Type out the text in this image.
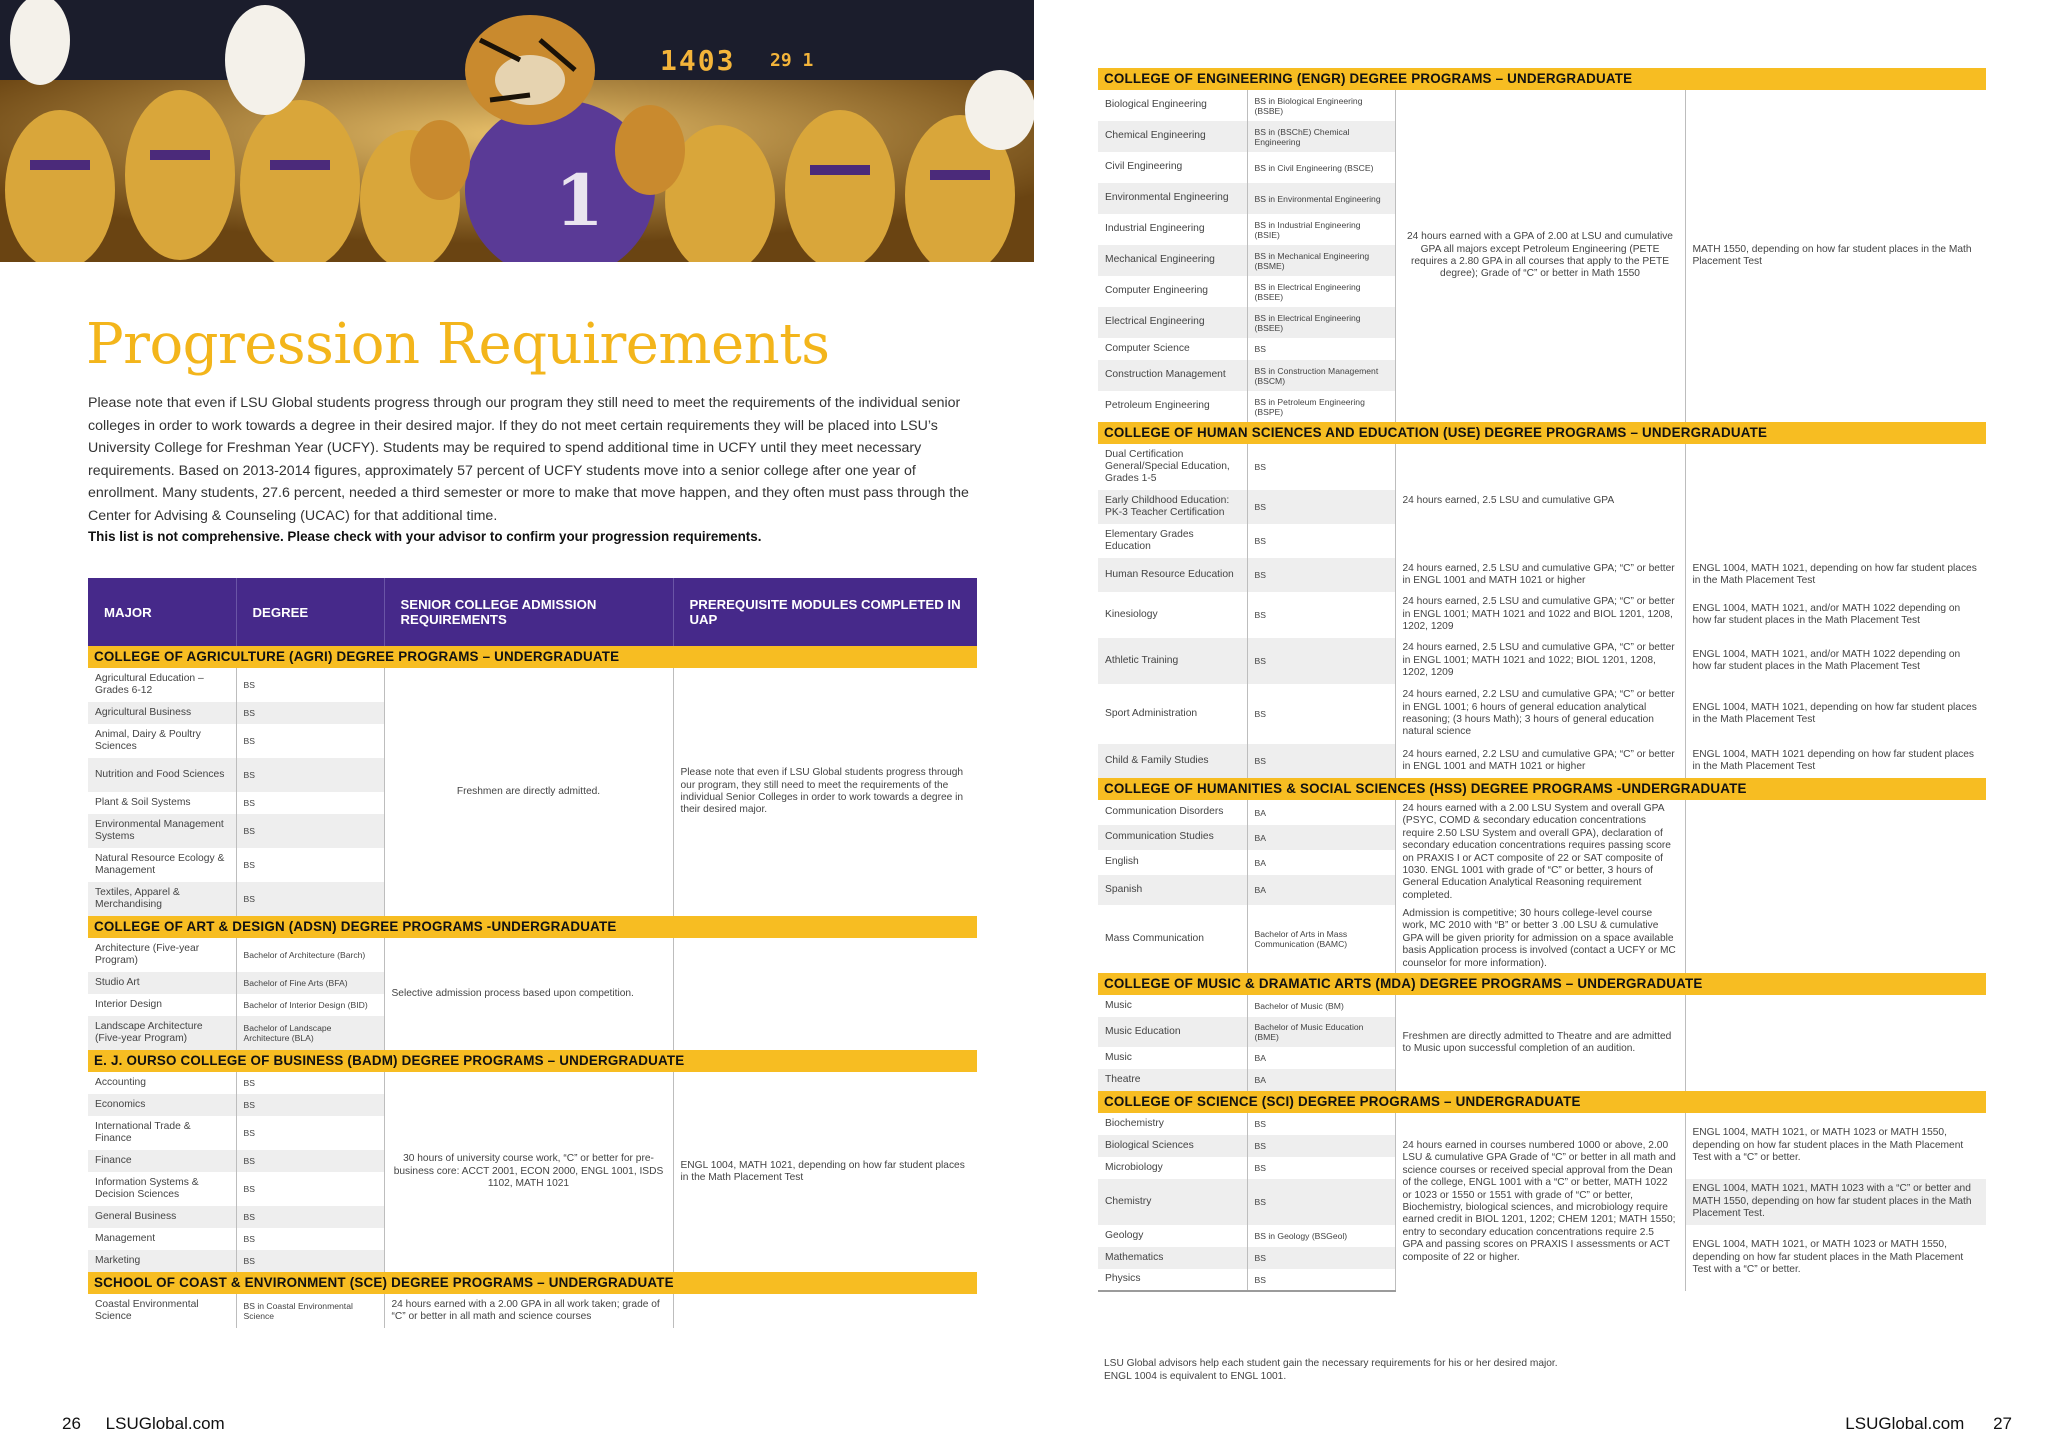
1
1403 29 1
Progression Requirements

Please note that even if LSU Global students progress through our program they still need to meet the requirements of the individual senior colleges in order to work towards a degree in their desired major. If they do not meet certain requirements they will be placed into LSU’s University College for Freshman Year (UCFY). Students may be required to spend additional time in UCFY until they meet necessary requirements. Based on 2013-2014 figures, approximately 57 percent of UCFY students move into a senior college after one year of enrollment. Many students, 27.6 percent, needed a third semester or more to make that move happen, and they often must pass through the Center for Advising & Counseling (UCAC) for that additional time.

This list is not comprehensive. Please check with your advisor to confirm your progression requirements.

MAJOR	DEGREE	SENIOR COLLEGE ADMISSION REQUIREMENTS	PREREQUISITE MODULES COMPLETED IN UAP
COLLEGE OF AGRICULTURE (AGRI) DEGREE PROGRAMS – UNDERGRADUATE			
Agricultural Education – Grades 6-12	BS	Freshmen are directly admitted.	Please note that even if LSU Global students progress through our program, they still need to meet the requirements of the individual Senior Colleges in order to work towards a degree in their desired major.
Agricultural Business	BS		
Animal, Dairy & Poultry Sciences	BS		
Nutrition and Food Sciences	BS		
Plant & Soil Systems	BS		
Environmental Management Systems	BS		
Natural Resource Ecology & Management	BS		
Textiles, Apparel & Merchandising	BS		
COLLEGE OF ART & DESIGN (ADSN) DEGREE PROGRAMS -UNDERGRADUATE			
Architecture (Five-year Program)	Bachelor of Architecture (Barch)	Selective admission process based upon competition.	
Studio Art	Bachelor of Fine Arts (BFA)		
Interior Design	Bachelor of Interior Design (BID)		
Landscape Architecture (Five-year Program)	Bachelor of Landscape Architecture (BLA)		
E. J. OURSO COLLEGE OF BUSINESS (BADM) DEGREE PROGRAMS – UNDERGRADUATE			
Accounting	BS	30 hours of university course work, “C” or better for pre-business core: ACCT 2001, ECON 2000, ENGL 1001, ISDS 1102, MATH 1021	ENGL 1004, MATH 1021, depending on how far student places in the Math Placement Test
Economics	BS		
International Trade & Finance	BS		
Finance	BS		
Information Systems & Decision Sciences	BS		
General Business	BS		
Management	BS		
Marketing	BS		
SCHOOL OF COAST & ENVIRONMENT (SCE) DEGREE PROGRAMS – UNDERGRADUATE			
Coastal Environmental Science	BS in Coastal Environmental Science	24 hours earned with a 2.00 GPA in all work taken; grade of “C” or better in all math and science courses	
COLLEGE OF ENGINEERING (ENGR) DEGREE PROGRAMS – UNDERGRADUATE			
Biological Engineering	BS in Biological Engineering (BSBE)	24 hours earned with a GPA of 2.00 at LSU and cumulative GPA all majors except Petroleum Engineering (PETE requires a 2.80 GPA in all courses that apply to the PETE degree); Grade of “C” or better in Math 1550	MATH 1550, depending on how far student places in the Math Placement Test
Chemical Engineering	BS in (BSChE) Chemical Engineering		
Civil Engineering	BS in Civil Engineering (BSCE)		
Environmental Engineering	BS in Environmental Engineering		
Industrial Engineering	BS in Industrial Engineering (BSIE)		
Mechanical Engineering	BS in Mechanical Engineering (BSME)		
Computer Engineering	BS in Electrical Engineering (BSEE)		
Electrical Engineering	BS in Electrical Engineering (BSEE)		
Computer Science	BS		
Construction Management	BS in Construction Management (BSCM)		
Petroleum Engineering	BS in Petroleum Engineering (BSPE)		
COLLEGE OF HUMAN SCIENCES AND EDUCATION (USE) DEGREE PROGRAMS – UNDERGRADUATE			
Dual Certification General/Special Education, Grades 1-5	BS	24 hours earned, 2.5 LSU and cumulative GPA	
Early Childhood Education: PK-3 Teacher Certification	BS		
Elementary Grades Education	BS		
Human Resource Education	BS	24 hours earned, 2.5 LSU and cumulative GPA; “C” or better in ENGL 1001 and MATH 1021 or higher	ENGL 1004, MATH 1021, depending on how far student places in the Math Placement Test
Kinesiology	BS	24 hours earned, 2.5 LSU and cumulative GPA; “C” or better in ENGL 1001; MATH 1021 and 1022 and BIOL 1201, 1208, 1202, 1209	ENGL 1004, MATH 1021, and/or MATH 1022 depending on how far student places in the Math Placement Test
Athletic Training	BS	24 hours earned, 2.5 LSU and cumulative GPA, “C” or better in ENGL 1001; MATH 1021 and 1022; BIOL 1201, 1208, 1202, 1209	ENGL 1004, MATH 1021, and/or MATH 1022 depending on how far student places in the Math Placement Test
Sport Administration	BS	24 hours earned, 2.2 LSU and cumulative GPA; “C” or better in ENGL 1001; 6 hours of general education analytical reasoning; (3 hours Math); 3 hours of general education natural science	ENGL 1004, MATH 1021, depending on how far student places in the Math Placement Test
Child & Family Studies	BS	24 hours earned, 2.2 LSU and cumulative GPA; “C” or better in ENGL 1001 and MATH 1021 or higher	ENGL 1004, MATH 1021 depending on how far student places in the Math Placement Test
COLLEGE OF HUMANITIES & SOCIAL SCIENCES (HSS) DEGREE PROGRAMS -UNDERGRADUATE			
Communication Disorders	BA	24 hours earned with a 2.00 LSU System and overall GPA (PSYC, COMD & secondary education concentrations require 2.50 LSU System and overall GPA), declaration of secondary education concentrations requires passing score on PRAXIS I or ACT composite of 22 or SAT composite of 1030. ENGL 1001 with grade of “C” or better, 3 hours of General Education Analytical Reasoning requirement completed.	
Communication Studies	BA		
English	BA		
Spanish	BA		
Mass Communication	Bachelor of Arts in Mass Communication (BAMC)	Admission is competitive; 30 hours college-level course work, MC 2010 with “B” or better 3 .00 LSU & cumulative GPA will be given priority for admission on a space available basis Application process is involved (contact a UCFY or MC counselor for more information).	
COLLEGE OF MUSIC & DRAMATIC ARTS (MDA) DEGREE PROGRAMS – UNDERGRADUATE			
Music	Bachelor of Music (BM)	Freshmen are directly admitted to Theatre and are admitted to Music upon successful completion of an audition.	
Music Education	Bachelor of Music Education (BME)		
Music	BA		
Theatre	BA		
COLLEGE OF SCIENCE (SCI) DEGREE PROGRAMS – UNDERGRADUATE			
Biochemistry	BS	24 hours earned in courses numbered 1000 or above, 2.00 LSU & cumulative GPA Grade of “C” or better in all math and science courses or received special approval from the Dean of the college, ENGL 1001 with a “C” or better, MATH 1022 or 1023 or 1550 or 1551 with grade of “C” or better, Biochemistry, biological sciences, and microbiology require earned credit in BIOL 1201, 1202; CHEM 1201; MATH 1550; entry to secondary education concentrations require 2.5 GPA and passing scores on PRAXIS I assessments or ACT composite of 22 or higher.	ENGL 1004, MATH 1021, or MATH 1023 or MATH 1550, depending on how far student places in the Math Placement Test with a “C” or better.
Biological Sciences	BS		
Microbiology	BS		
Chemistry	BS		ENGL 1004, MATH 1021, MATH 1023 with a “C” or better and MATH 1550, depending on how far student places in the Math Placement Test.
Geology	BS in Geology (BSGeol)		ENGL 1004, MATH 1021, or MATH 1023 or MATH 1550, depending on how far student places in the Math Placement Test with a “C” or better.
Mathematics	BS		
Physics	BS		
LSU Global advisors help each student gain the necessary requirements for his or her desired major.
ENGL 1004 is equivalent to ENGL 1001.
26 LSUGlobal.com	LSUGlobal.com 27
